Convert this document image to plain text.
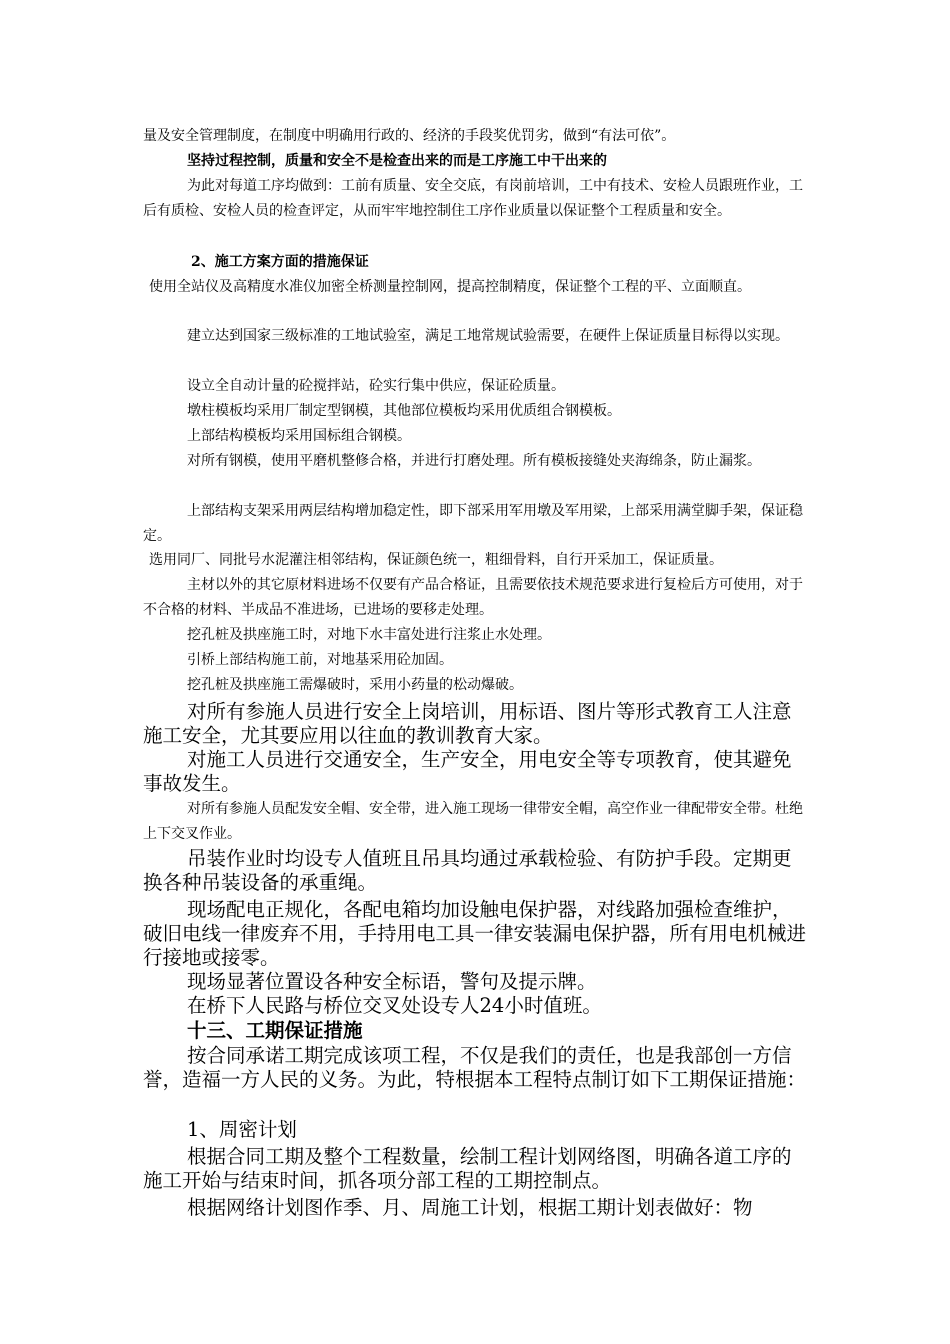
量及安全管理制度，在制度中明确用行政的、经济的手段奖优罚劣，做到“有法可依”。

坚持过程控制，质量和安全不是检查出来的而是工序施工中干出来的

为此对每道工序均做到：工前有质量、安全交底，有岗前培训，工中有技术、安检人员跟班作业，工后有质检、安检人员的检查评定，从而牢牢地控制住工序作业质量以保证整个工程质量和安全。

2、施工方案方面的措施保证

使用全站仪及高精度水准仪加密全桥测量控制网，提高控制精度，保证整个工程的平、立面顺直。

建立达到国家三级标准的工地试验室，满足工地常规试验需要，在硬件上保证质量目标得以实现。

设立全自动计量的砼搅拌站，砼实行集中供应，保证砼质量。

墩柱模板均采用厂制定型钢模，其他部位模板均采用优质组合钢模板。

上部结构模板均采用国标组合钢模。

对所有钢模，使用平磨机整修合格，并进行打磨处理。所有模板接缝处夹海绵条，防止漏浆。

上部结构支架采用两层结构增加稳定性，即下部采用军用墩及军用梁，上部采用满堂脚手架，保证稳定。

选用同厂、同批号水泥灌注相邻结构，保证颜色统一，粗细骨料，自行开采加工，保证质量。

主材以外的其它原材料进场不仅要有产品合格证，且需要依技术规范要求进行复检后方可使用，对于不合格的材料、半成品不准进场，已进场的要移走处理。

挖孔桩及拱座施工时，对地下水丰富处进行注浆止水处理。

引桥上部结构施工前，对地基采用砼加固。

挖孔桩及拱座施工需爆破时，采用小药量的松动爆破。

对所有参施人员进行安全上岗培训，用标语、图片等形式教育工人注意施工安全，尤其要应用以往血的教训教育大家。

对施工人员进行交通安全，生产安全，用电安全等专项教育，使其避免事故发生。

对所有参施人员配发安全帽、安全带，进入施工现场一律带安全帽，高空作业一律配带安全带。杜绝上下交叉作业。

吊装作业时均设专人值班且吊具均通过承载检验、有防护手段。定期更换各种吊装设备的承重绳。

现场配电正规化，各配电箱均加设触电保护器，对线路加强检查维护，破旧电线一律废弃不用，手持用电工具一律安装漏电保护器，所有用电机械进行接地或接零。

现场显著位置设各种安全标语，警句及提示牌。

在桥下人民路与桥位交叉处设专人24小时值班。

十三、工期保证措施

按合同承诺工期完成该项工程，不仅是我们的责任，也是我部创一方信誉，造福一方人民的义务。为此，特根据本工程特点制订如下工期保证措施：

1、周密计划

根据合同工期及整个工程数量，绘制工程计划网络图，明确各道工序的施工开始与结束时间，抓各项分部工程的工期控制点。

根据网络计划图作季、月、周施工计划，根据工期计划表做好：物
